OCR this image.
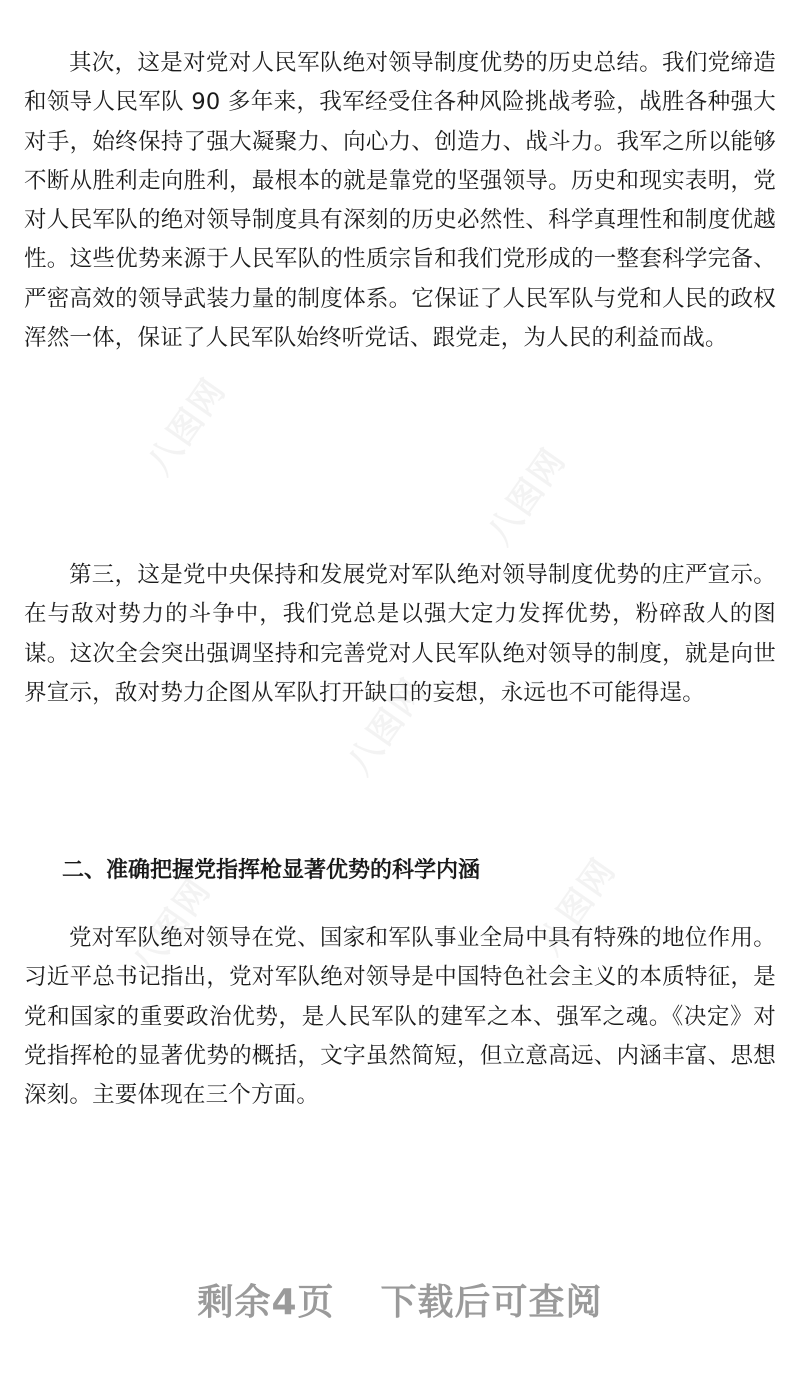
八图网
八图网
八图网
八图网	八图网

其次，这是对党对人民军队绝对领导制度优势的历史总结。我们党缔造和领导人民军队 90 多年来，我军经受住各种风险挑战考验，战胜各种强大对手，始终保持了强大凝聚力、向心力、创造力、战斗力。我军之所以能够不断从胜利走向胜利，最根本的就是靠党的坚强领导。历史和现实表明，党对人民军队的绝对领导制度具有深刻的历史必然性、科学真理性和制度优越性。这些优势来源于人民军队的性质宗旨和我们党形成的一整套科学完备、严密高效的领导武装力量的制度体系。它保证了人民军队与党和人民的政权浑然一体，保证了人民军队始终听党话、跟党走，为人民的利益而战。

第三，这是党中央保持和发展党对军队绝对领导制度优势的庄严宣示。在与敌对势力的斗争中，我们党总是以强大定力发挥优势，粉碎敌人的图谋。这次全会突出强调坚持和完善党对人民军队绝对领导的制度，就是向世界宣示，敌对势力企图从军队打开缺口的妄想，永远也不可能得逞。

二、准确把握党指挥枪显著优势的科学内涵

党对军队绝对领导在党、国家和军队事业全局中具有特殊的地位作用。习近平总书记指出，党对军队绝对领导是中国特色社会主义的本质特征，是党和国家的重要政治优势，是人民军队的建军之本、强军之魂。《决定》对党指挥枪的显著优势的概括，文字虽然简短，但立意高远、内涵丰富、思想深刻。主要体现在三个方面。

剩余4页 下载后可查阅
